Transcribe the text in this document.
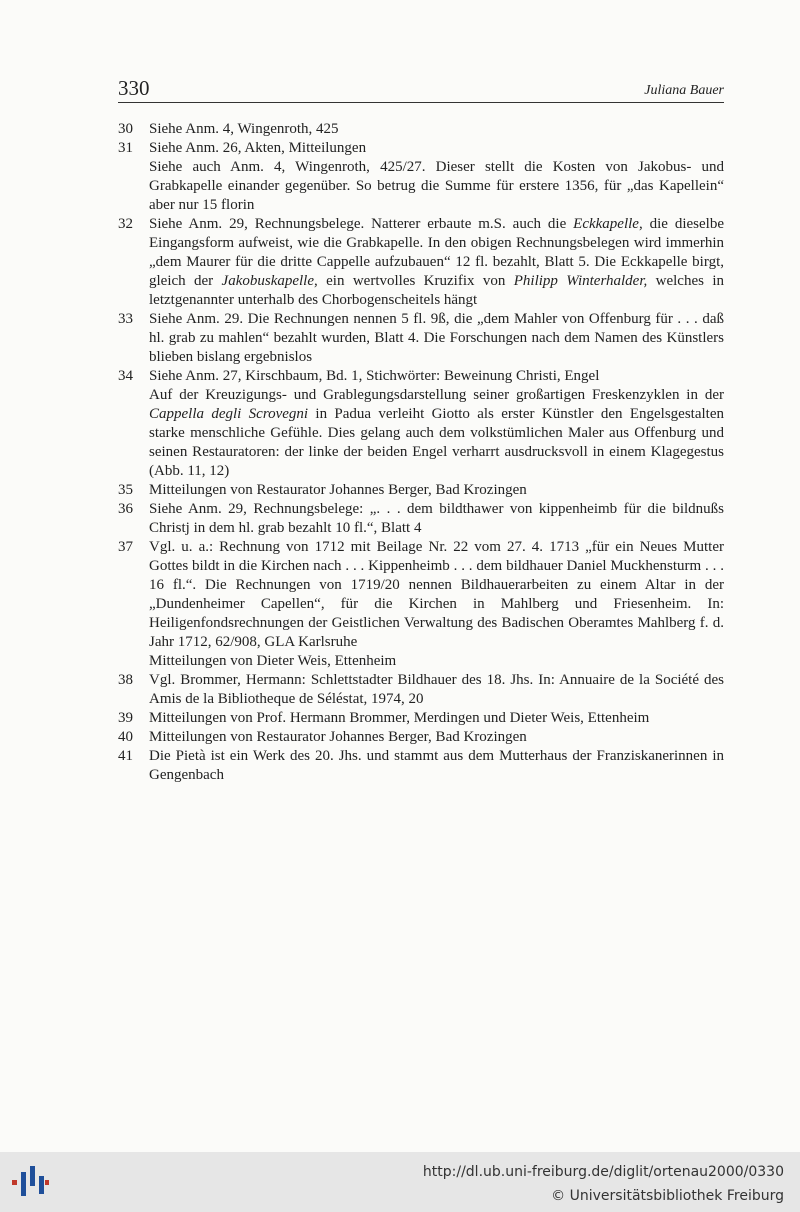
330	Juliana Bauer
30	Siehe Anm. 4, Wingenroth, 425
31	Siehe Anm. 26, Akten, Mitteilungen
Siehe auch Anm. 4, Wingenroth, 425/27. Dieser stellt die Kosten von Jakobus- und Grabkapelle einander gegenüber. So betrug die Summe für erstere 1356, für „das Kapellein“ aber nur 15 florin
32	Siehe Anm. 29, Rechnungsbelege. Natterer erbaute m.S. auch die Eckkapelle, die dieselbe Eingangsform aufweist, wie die Grabkapelle. In den obigen Rechnungsbelegen wird immerhin „dem Maurer für die dritte Cappelle aufzubauen“ 12 fl. bezahlt, Blatt 5. Die Eckkapelle birgt, gleich der Jakobuskapelle, ein wertvolles Kruzifix von Philipp Winterhalder, welches in letztgenannter unterhalb des Chorbogenscheitels hängt
33	Siehe Anm. 29. Die Rechnungen nennen 5 fl. 9ß, die „dem Mahler von Offenburg für . . . daß hl. grab zu mahlen“ bezahlt wurden, Blatt 4. Die Forschungen nach dem Namen des Künstlers blieben bislang ergebnislos
34	Siehe Anm. 27, Kirschbaum, Bd. 1, Stichwörter: Beweinung Christi, Engel
Auf der Kreuzigungs- und Grablegungsdarstellung seiner großartigen Freskenzyklen in der Cappella degli Scrovegni in Padua verleiht Giotto als erster Künstler den Engelsgestalten starke menschliche Gefühle. Dies gelang auch dem volkstümlichen Maler aus Offenburg und seinen Restauratoren: der linke der beiden Engel verharrt ausdrucksvoll in einem Klagegestus (Abb. 11, 12)
35	Mitteilungen von Restaurator Johannes Berger, Bad Krozingen
36	Siehe Anm. 29, Rechnungsbelege: „. . . dem bildthawer von kippenheimb für die bildnußs Christj in dem hl. grab bezahlt 10 fl.“, Blatt 4
37	Vgl. u. a.: Rechnung von 1712 mit Beilage Nr. 22 vom 27. 4. 1713 „für ein Neues Mutter Gottes bildt in die Kirchen nach . . . Kippenheimb . . . dem bildhauer Daniel Muckhensturm . . . 16 fl.“. Die Rechnungen von 1719/20 nennen Bildhauerarbeiten zu einem Altar in der „Dundenheimer Capellen“, für die Kirchen in Mahlberg und Friesenheim. In: Heiligenfondsrechnungen der Geistlichen Verwaltung des Badischen Oberamtes Mahlberg f. d. Jahr 1712, 62/908, GLA Karlsruhe
Mitteilungen von Dieter Weis, Ettenheim
38	Vgl. Brommer, Hermann: Schlettstadter Bildhauer des 18. Jhs. In: Annuaire de la Société des Amis de la Bibliotheque de Séléstat, 1974, 20
39	Mitteilungen von Prof. Hermann Brommer, Merdingen und Dieter Weis, Ettenheim
40	Mitteilungen von Restaurator Johannes Berger, Bad Krozingen
41	Die Pietà ist ein Werk des 20. Jhs. und stammt aus dem Mutterhaus der Franziskanerinnen in Gengenbach
http://dl.ub.uni-freiburg.de/diglit/ortenau2000/0330
© Universitätsbibliothek Freiburg
